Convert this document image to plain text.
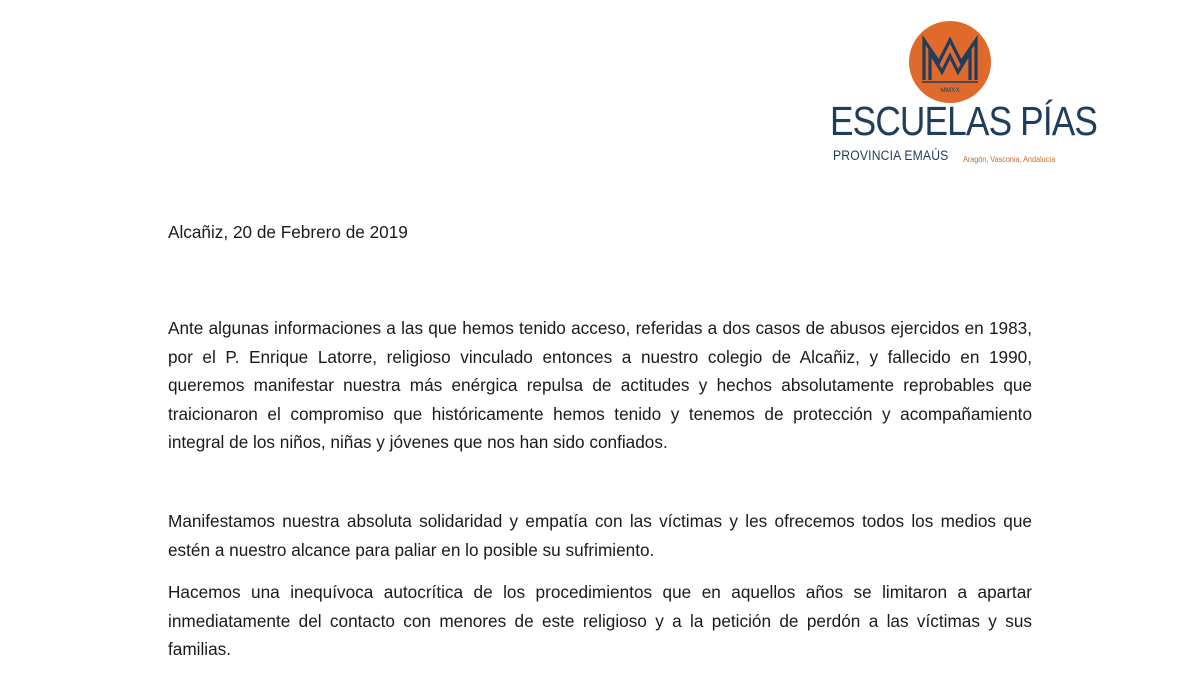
MMXX
ESCUELAS PÍAS
PROVINCIA EMAÚS Aragón, Vasconia, Andalucía
Alcañiz, 20 de Febrero de 2019

Ante algunas informaciones a las que hemos tenido acceso, referidas a dos casos de abusos ejercidos en 1983, por el P. Enrique Latorre, religioso vinculado entonces a nuestro colegio de Alcañiz, y fallecido en 1990, queremos manifestar nuestra más enérgica repulsa de actitudes y hechos absolutamente reprobables que traicionaron el compromiso que históricamente hemos tenido y tenemos de protección y acompañamiento integral de los niños, niñas y jóvenes que nos han sido confiados.

Manifestamos nuestra absoluta solidaridad y empatía con las víctimas y les ofrecemos todos los medios que estén a nuestro alcance para paliar en lo posible su sufrimiento.

Hacemos una inequívoca autocrítica de los procedimientos que en aquellos años se limitaron a apartar inmediatamente del contacto con menores de este religioso y a la petición de perdón a las víctimas y sus familias.
